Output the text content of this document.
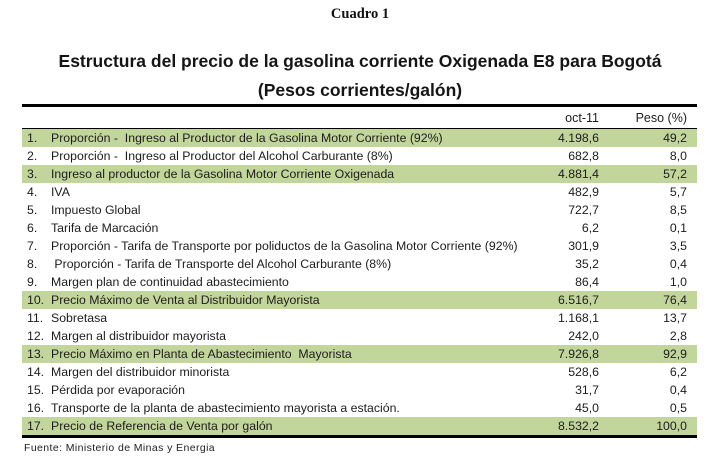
Cuadro 1
Estructura del precio de la gasolina corriente Oxigenada E8 para Bogotá
(Pesos corrientes/galón)
oct-11	Peso (%)
1.	Proporción -  Ingreso al Productor de la Gasolina Motor Corriente (92%)	4.198,6	49,2
2.	Proporción -  Ingreso al Productor del Alcohol Carburante (8%)	682,8	8,0
3.	Ingreso al productor de la Gasolina Motor Corriente Oxigenada	4.881,4	57,2
4.	IVA	482,9	5,7
5.	Impuesto Global	722,7	8,5
6.	Tarifa de Marcación	6,2	0,1
7.	Proporción - Tarifa de Transporte por poliductos de la Gasolina Motor Corriente (92%)	301,9	3,5
8.	Proporción - Tarifa de Transporte del Alcohol Carburante (8%)	35,2	0,4
9.	Margen plan de continuidad abastecimiento	86,4	1,0
10. Precio Máximo de Venta al Distribuidor Mayorista	6.516,7	76,4
11. Sobretasa	1.168,1	13,7
12. Margen al distribuidor mayorista	242,0	2,8
13. Precio Máximo en Planta de Abastecimiento  Mayorista	7.926,8	92,9
14. Margen del distribuidor minorista	528,6	6,2
15. Pérdida por evaporación	31,7	0,4
16. Transporte de la planta de abastecimiento mayorista a estación.	45,0	0,5
17. Precio de Referencia de Venta por galón	8.532,2	100,0
Fuente: Ministerio de Minas y Energia
